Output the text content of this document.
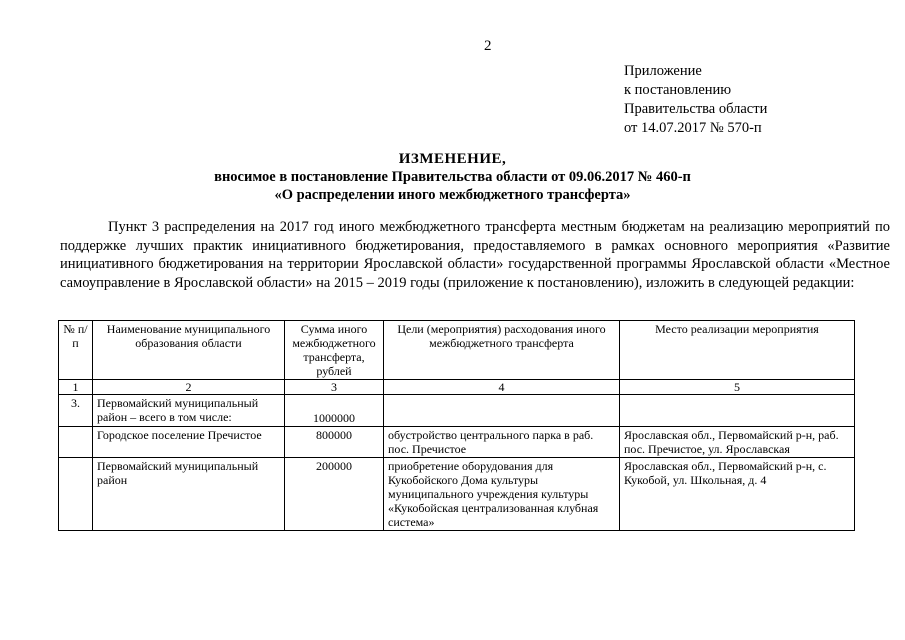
2
Приложение
к постановлению
Правительства области
от 14.07.2017 № 570-п
ИЗМЕНЕНИЕ,
вносимое в постановление Правительства области от 09.06.2017 № 460-п
«О распределении иного межбюджетного трансферта»
Пункт 3 распределения на 2017 год иного межбюджетного трансферта местным бюджетам на реализацию мероприятий по поддержке лучших практик инициативного бюджетирования, предоставляемого в рамках основного мероприятия «Развитие инициативного бюджетирования на территории Ярославской области» государственной программы Ярославской области «Местное самоуправление в Ярославской области» на 2015 – 2019 годы (приложение к постановлению), изложить в следующей редакции:
№ п/п	Наименование муниципального образования области	Сумма иного межбюджетного трансферта, рублей	Цели (мероприятия) расходования иного межбюджетного трансферта	Место реализации мероприятия
1	2	3	4	5
3.	Первомайский муниципальный район – всего в том числе:	1000000		
	Городское поселение Пречистое	800000	обустройство центрального парка в раб. пос. Пречистое	Ярославская обл., Первомайский р-н, раб. пос. Пречистое, ул. Ярославская
	Первомайский муниципальный район	200000	приобретение оборудования для Кукобойского Дома культуры муниципального учреждения культуры «Кукобойская централизованная клубная система»	Ярославская обл., Первомайский р-н, с. Кукобой, ул. Школьная, д. 4
